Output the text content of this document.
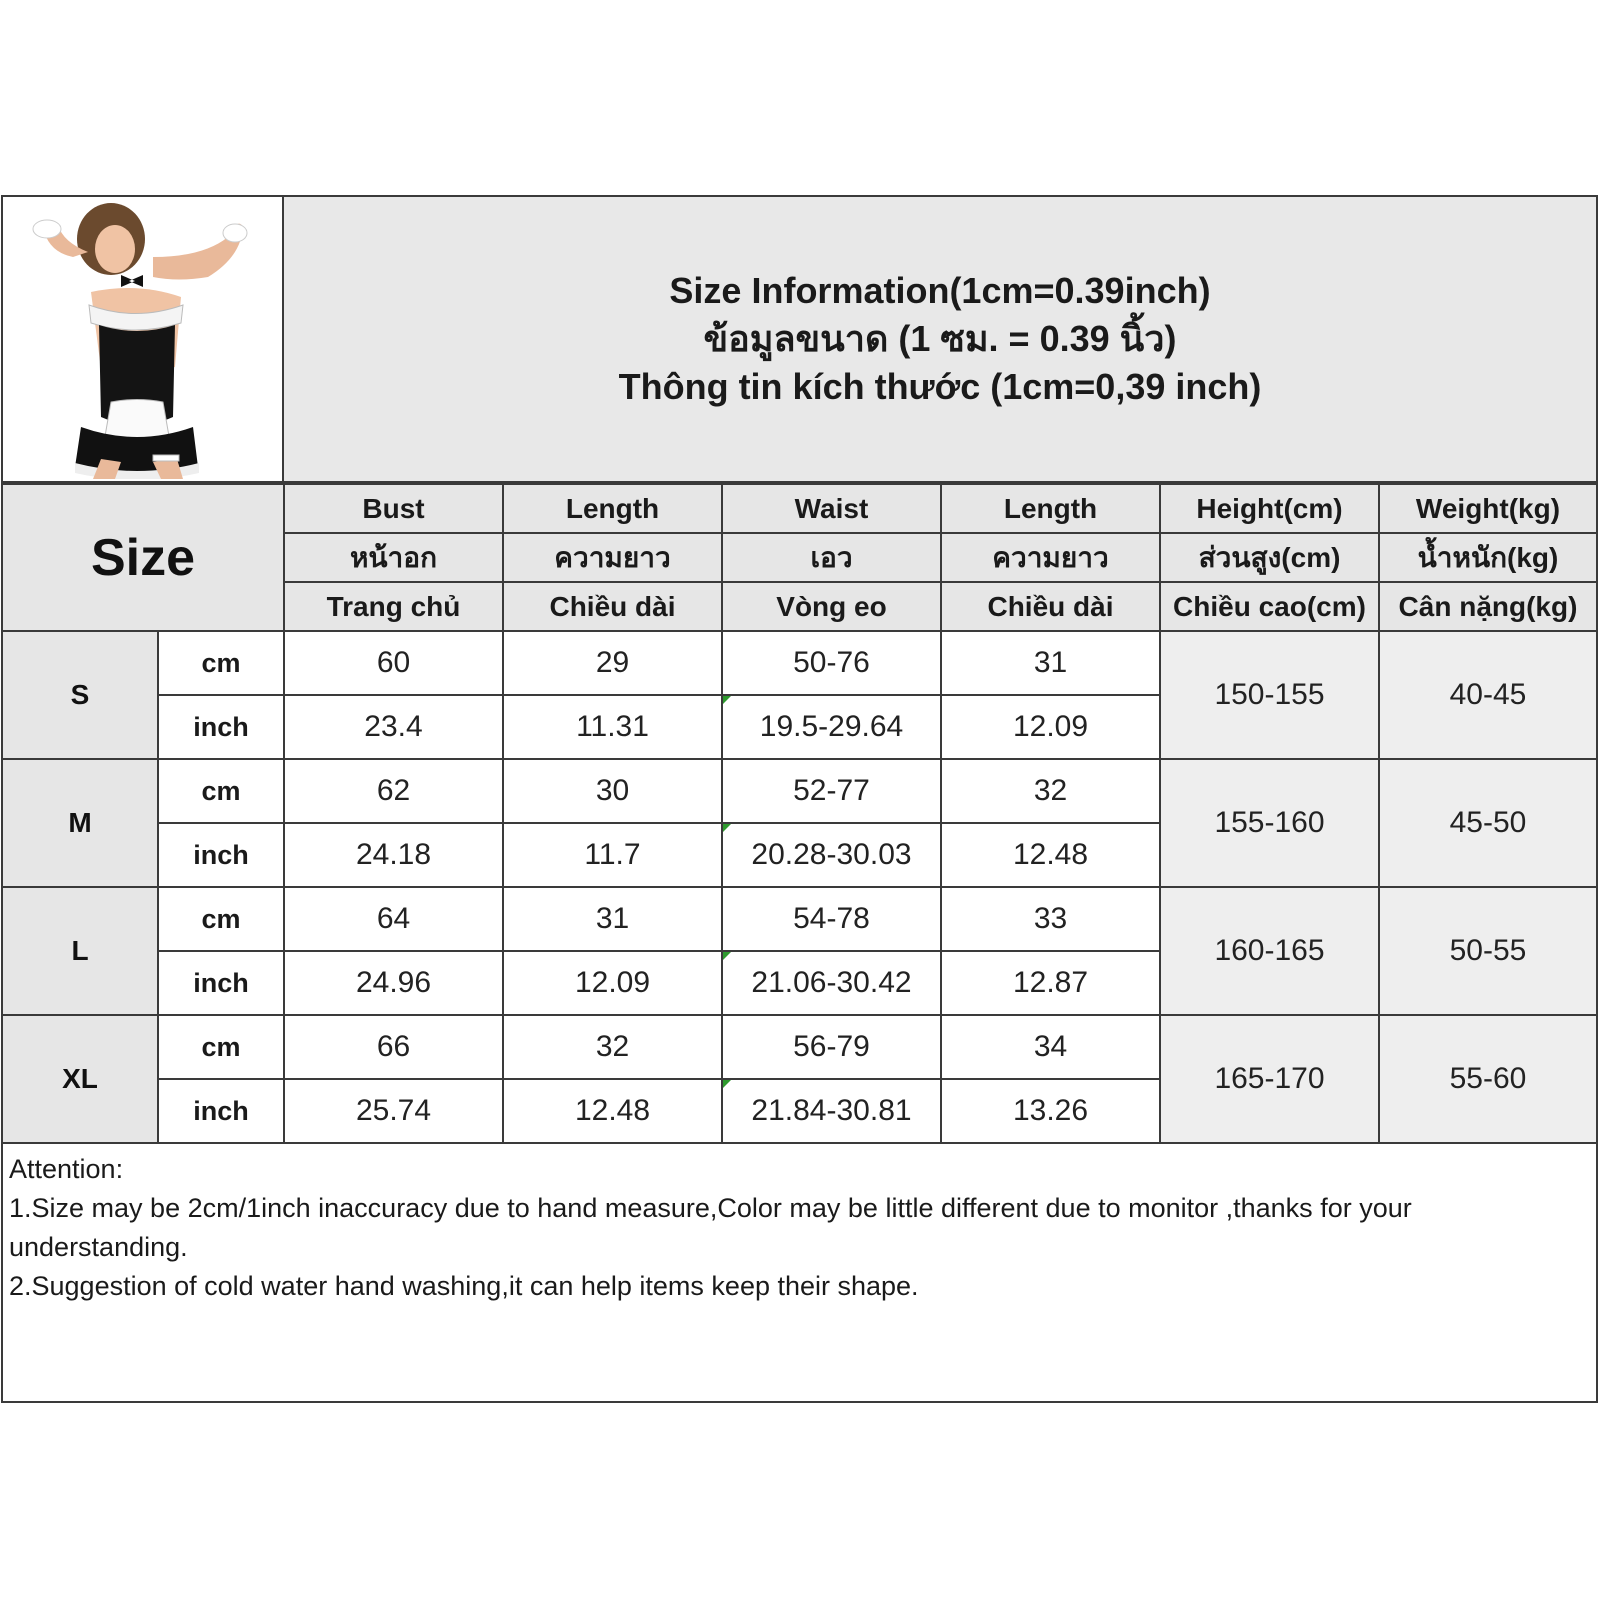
Size Information(1cm=0.39inch)
ข้อมูลขนาด (1 ซม. = 0.39 นิ้ว)
Thông tin kích thước (1cm=0,39 inch)
Size		Bust	Length	Waist	Length	Height(cm)	Weight(kg)
		หน้าอก	ความยาว	เอว	ความยาว	ส่วนสูง(cm)	น้ำหนัก(kg)
		Trang chủ	Chiều dài	Vòng eo	Chiều dài	Chiều cao(cm)	Cân nặng(kg)
S	cm	60	29	50-76	31	150-155	40-45
	inch	23.4	11.31	19.5-29.64	12.09		
M	cm	62	30	52-77	32	155-160	45-50
	inch	24.18	11.7	20.28-30.03	12.48		
L	cm	64	31	54-78	33	160-165	50-55
	inch	24.96	12.09	21.06-30.42	12.87		
XL	cm	66	32	56-79	34	165-170	55-60
	inch	25.74	12.48	21.84-30.81	13.26		

Attention:

1.Size may be 2cm/1inch inaccuracy due to hand measure,Color may be little different due to monitor ,thanks for your understanding.

2.Suggestion of cold water hand washing,it can help items keep their shape.
